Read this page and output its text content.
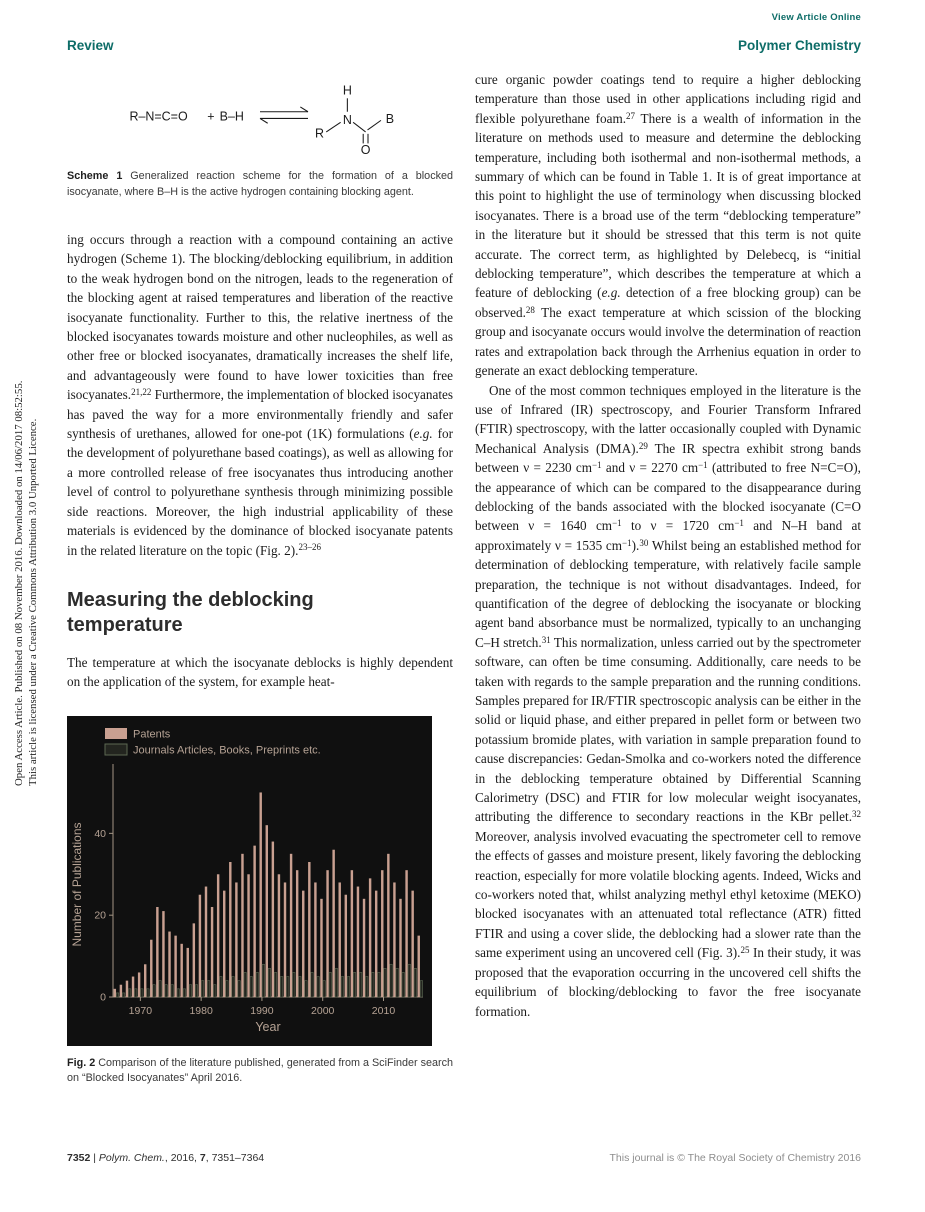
Open Access Article. Published on 08 November 2016. Downloaded on 14/06/2017 08:52:55. This article is licensed under a Creative Commons Attribution 3.0 Unported Licence.
View Article Online
Review	Polymer Chemistry
R–N=C=O + B–H
H
N
R
O
B

Scheme 1 Generalized reaction scheme for the formation of a blocked isocyanate, where B–H is the active hydrogen containing blocking agent.

ing occurs through a reaction with a compound containing an active hydrogen (Scheme 1). The blocking/deblocking equilibrium, in addition to the weak hydrogen bond on the nitrogen, leads to the regeneration of the blocking agent at raised temperatures and liberation of the reactive isocyanate functionality. Further to this, the relative inertness of the blocked isocyanates towards moisture and other nucleophiles, as well as other free or blocked isocyanates, dramatically increases the shelf life, and advantageously were found to have lower toxicities than free isocyanates.$^{21,22}$ Furthermore, the implementation of blocked isocyanates has paved the way for a more environmentally friendly and safer synthesis of urethanes, allowed for one-pot (1K) formulations (e.g. for the development of polyurethane based coatings), as well as allowing for a more controlled release of free isocyanates thus introducing another level of control to polyurethane synthesis through minimizing possible side reactions. Moreover, the high industrial applicability of these materials is evidenced by the dominance of blocked isocyanate patents in the related literature on the topic (Fig. 2).$^{23-26}$

Measuring the deblocking temperature

The temperature at which the isocyanate deblocks is highly dependent on the application of the system, for example heat-

0
20
40
1970	1980	1990	2000	2010
Year
Number of Publications
Patents
Journals Articles, Books, Preprints etc.

Fig. 2 Comparison of the literature published, generated from a SciFinder search on “Blocked Isocyanates” April 2016.

cure organic powder coatings tend to require a higher deblocking temperature than those used in other applications including rigid and flexible polyurethane foam.$^{27}$ There is a wealth of information in the literature on methods used to measure and determine the deblocking temperature, including both isothermal and non-isothermal methods, a summary of which can be found in Table 1. It is of great importance at this point to highlight the use of terminology when discussing blocked isocyanates. There is a broad use of the term “deblocking temperature” in the literature but it should be stressed that this term is not quite accurate. The correct term, as highlighted by Delebecq, is “initial deblocking temperature”, which describes the temperature at which a feature of deblocking (e.g. detection of a free blocking group) can be observed.$^{28}$ The exact temperature at which scission of the blocking group and isocyanate occurs would involve the determination of reaction rates and extrapolation back through the Arrhenius equation in order to generate an exact deblocking temperature.

One of the most common techniques employed in the literature is the use of Infrared (IR) spectroscopy, and Fourier Transform Infrared (FTIR) spectroscopy, with the latter occasionally coupled with Dynamic Mechanical Analysis (DMA).$^{29}$ The IR spectra exhibit strong bands between ν = 2230 $cm^{-1}$ and ν = 2270 $cm^{-1}$ (attributed to free N=C=O), the appearance of which can be compared to the disappearance during deblocking of the bands associated with the blocked isocyanate (C=O between ν = 1640 $cm^{-1}$ to ν = 1720 $cm^{-1}$ and N–H band at approximately ν = 1535 $cm^{-1}).^{30}$ Whilst being an established method for determination of deblocking temperature, with relatively facile sample preparation, the technique is not without disadvantages. Indeed, for quantification of the degree of deblocking the isocyanate or blocking agent band absorbance must be normalized, typically to an unchanging C–H stretch.$^{31}$ This normalization, unless carried out by the spectrometer software, can often be time consuming. Additionally, care needs to be taken with regards to the sample preparation and the running conditions. Samples prepared for IR/FTIR spectroscopic analysis can be either in the solid or liquid phase, and either prepared in pellet form or between two potassium bromide plates, with variation in sample preparation found to cause discrepancies: Gedan-Smolka and co-workers noted the difference in the deblocking temperature obtained by Differential Scanning Calorimetry (DSC) and FTIR for low molecular weight isocyanates, attributing the difference to secondary reactions in the KBr pellet.$^{32}$ Moreover, analysis involved evacuating the spectrometer cell to remove the effects of gasses and moisture present, likely favoring the deblocking reaction, especially for more volatile blocking agents. Indeed, Wicks and co-workers noted that, whilst analyzing methyl ethyl ketoxime (MEKO) blocked isocyanates with an attenuated total reflectance (ATR) fitted FTIR and using a cover slide, the deblocking had a slower rate than the same experiment using an uncovered cell (Fig. 3).$^{25}$ In their study, it was proposed that the evaporation occurring in the uncovered cell shifts the equilibrium of blocking/deblocking to favor the free isocyanate formation.

7352 | Polym. Chem., 2016, 7, 7351–7364	This journal is © The Royal Society of Chemistry 2016
